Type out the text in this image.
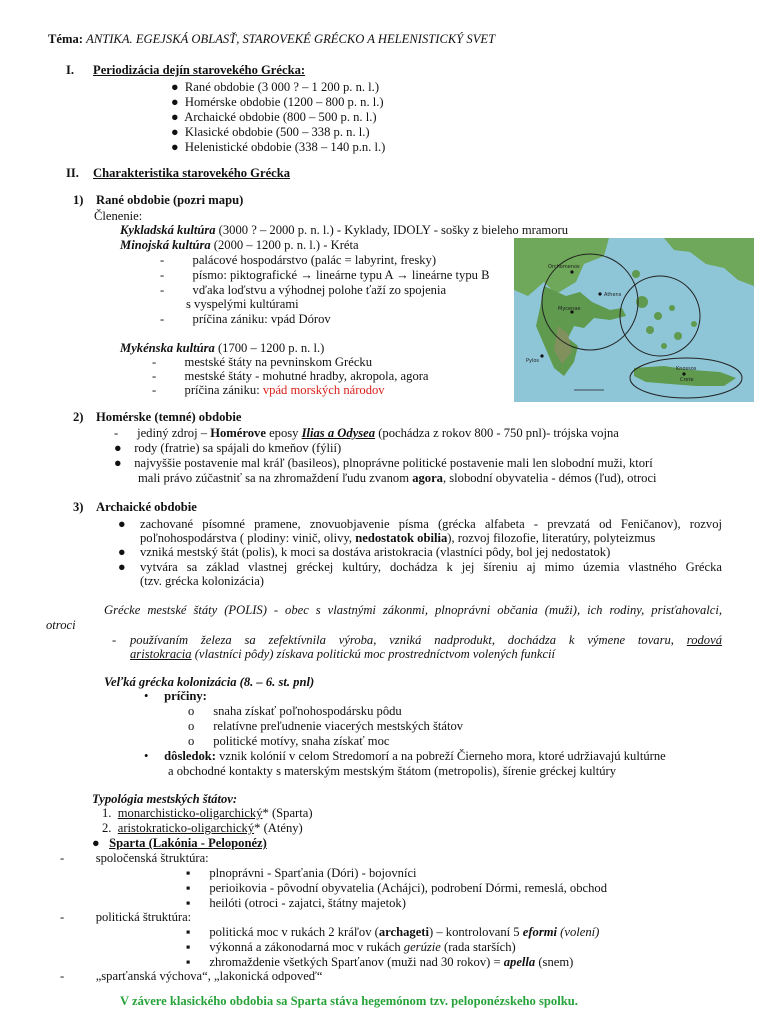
Téma: ANTIKA. EGEJSKÁ OBLASŤ, STAROVEKÉ GRÉCKO A HELENISTICKÝ SVET
I. Periodizácia dejín starovekého Grécka:
●  Rané obdobie (3 000 ? – 1 200 p. n. l.)
●  Homérske obdobie (1200 – 800 p. n. l.)
●  Archaické obdobie (800 – 500 p. n. l.)
●  Klasické obdobie (500 – 338 p. n. l.)
●  Helenistické obdobie (338 – 140 p.n. l.)
II. Charakteristika starovekého Grécka
1) Rané obdobie (pozri mapu)
Členenie:
Kykladská kultúra (3000 ? – 2000 p. n. l.) - Kyklady, IDOLY - sošky z bieleho mramoru
Minojská kultúra (2000 – 1200 p. n. l.) - Kréta
-         palácové hospodárstvo (palác = labyrint, fresky)
-         písmo: piktografické → lineárne typu A → lineárne typu B
-         vďaka loďstvu a výhodnej polohe ťaží zo spojenia
s vyspelými kultúrami
-         príčina zániku: vpád Dórov
Mykénska kultúra (1700 – 1200 p. n. l.)
-         mestské štáty na pevninskom Grécku
-         mestské štáty - mohutné hradby, akropola, agora
-         príčina zániku: vpád morských národov
Orchomenos
Athens
Mycenae
Pylos
Knossos
Crete
2) Homérske (temné) obdobie
-      jediný zdroj – Homérove eposy Ilias a Odysea (pochádza z rokov 800 - 750 pnl)- trójska vojna
●    rody (fratrie) sa spájali do kmeňov (fýlií)
●    najvyššie postavenie mal kráľ (basileos), plnoprávne politické postavenie mali len slobodní muži, ktorí
mali právo zúčastniť sa na zhromaždení ľudu zvanom agora, slobodní obyvatelia - démos (ľud), otroci
3) Archaické obdobie
● zachované písomné pramene, znovuobjavenie písma (grécka alfabeta - prevzatá od Feničanov), rozvoj
poľnohospodárstva ( plodiny: vinič, olivy, nedostatok obilia), rozvoj filozofie, literatúry, polyteizmus
● vzniká mestský štát (polis), k moci sa dostáva aristokracia (vlastníci pôdy, bol jej nedostatok)
● vytvára sa základ vlastnej gréckej kultúry, dochádza k jej šíreniu aj mimo územia vlastného Grécka
(tzv. grécka kolonizácia)
Grécke mestské štáty (POLIS) - obec s vlastnými zákonmi, plnoprávni občania (muži), ich rodiny, prisťahovalci,
otroci
- používaním železa sa zefektívnila výroba, vzniká nadprodukt, dochádza k výmene tovaru, rodová
aristokracia (vlastníci pôdy) získava politickú moc prostredníctvom volených funkcií
Veľká grécka kolonizácia (8. – 6. st. pnl)
•     príčiny:
o      snaha získať poľnohospodársku pôdu
o      relatívne preľudnenie viacerých mestských štátov
o      politické motívy, snaha získať moc
•     dôsledok: vznik kolónií v celom Stredomorí a na pobreží Čierneho mora, ktoré udržiavajú kultúrne
a obchodné kontakty s materským mestským štátom (metropolis), šírenie gréckej kultúry
Typológia mestských štátov:
1. monarchisticko-oligarchický* (Sparta)
2. aristokraticko-oligarchický* (Atény)
●   Sparta (Lakónia - Peloponéz)
-          spoločenská štruktúra:
▪      plnoprávni - Sparťania (Dóri) - bojovníci
▪      perioikovia - pôvodní obyvatelia (Achájci), podrobení Dórmi, remeslá, obchod
▪      heilóti (otroci - zajatci, štátny majetok)
-          politická štruktúra:
▪      politická moc v rukách 2 kráľov (archageti) – kontrolovaní 5 eformi (volení)
▪      výkonná a zákonodarná moc v rukách gerúzie (rada starších)
▪      zhromaždenie všetkých Sparťanov (muži nad 30 rokov) = apella (snem)
-          „sparťanská výchova“, „lakonická odpoveď“
V závere klasického obdobia sa Sparta stáva hegemónom tzv. peloponézskeho spolku.
